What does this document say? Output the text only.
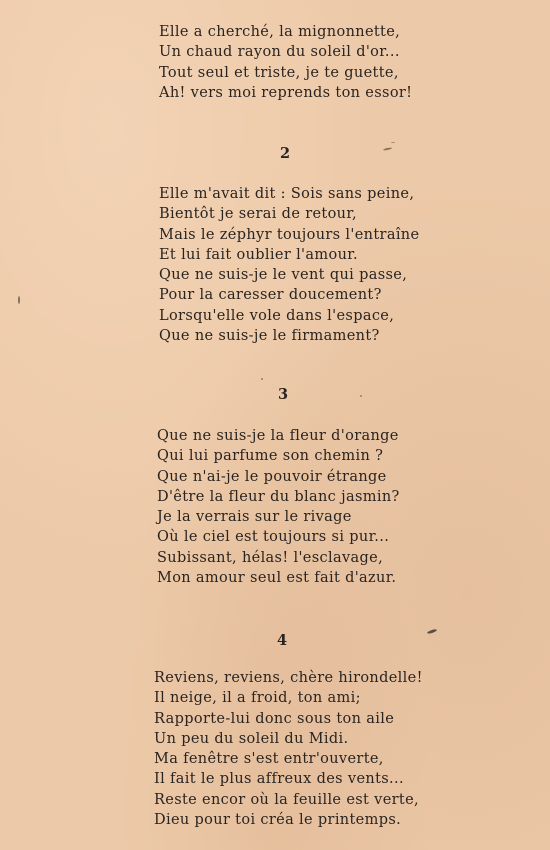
Elle a cherché, la mignonnette,
Un chaud rayon du soleil d'or...
Tout seul et triste, je te guette,
Ah! vers moi reprends ton essor!
2
Elle m'avait dit : Sois sans peine,
Bientôt je serai de retour,
Mais le zéphyr toujours l'entraîne
Et lui fait oublier l'amour.
Que ne suis-je le vent qui passe,
Pour la caresser doucement?
Lorsqu'elle vole dans l'espace,
Que ne suis-je le firmament?
3
Que ne suis-je la fleur d'orange
Qui lui parfume son chemin ?
Que n'ai-je le pouvoir étrange
D'être la fleur du blanc jasmin?
Je la verrais sur le rivage
Où le ciel est toujours si pur...
Subissant, hélas! l'esclavage,
Mon amour seul est fait d'azur.
4
Reviens, reviens, chère hirondelle!
Il neige, il a froid, ton ami;
Rapporte-lui donc sous ton aile
Un peu du soleil du Midi.
Ma fenêtre s'est entr'ouverte,
Il fait le plus affreux des vents...
Reste encor où la feuille est verte,
Dieu pour toi créa le printemps.
